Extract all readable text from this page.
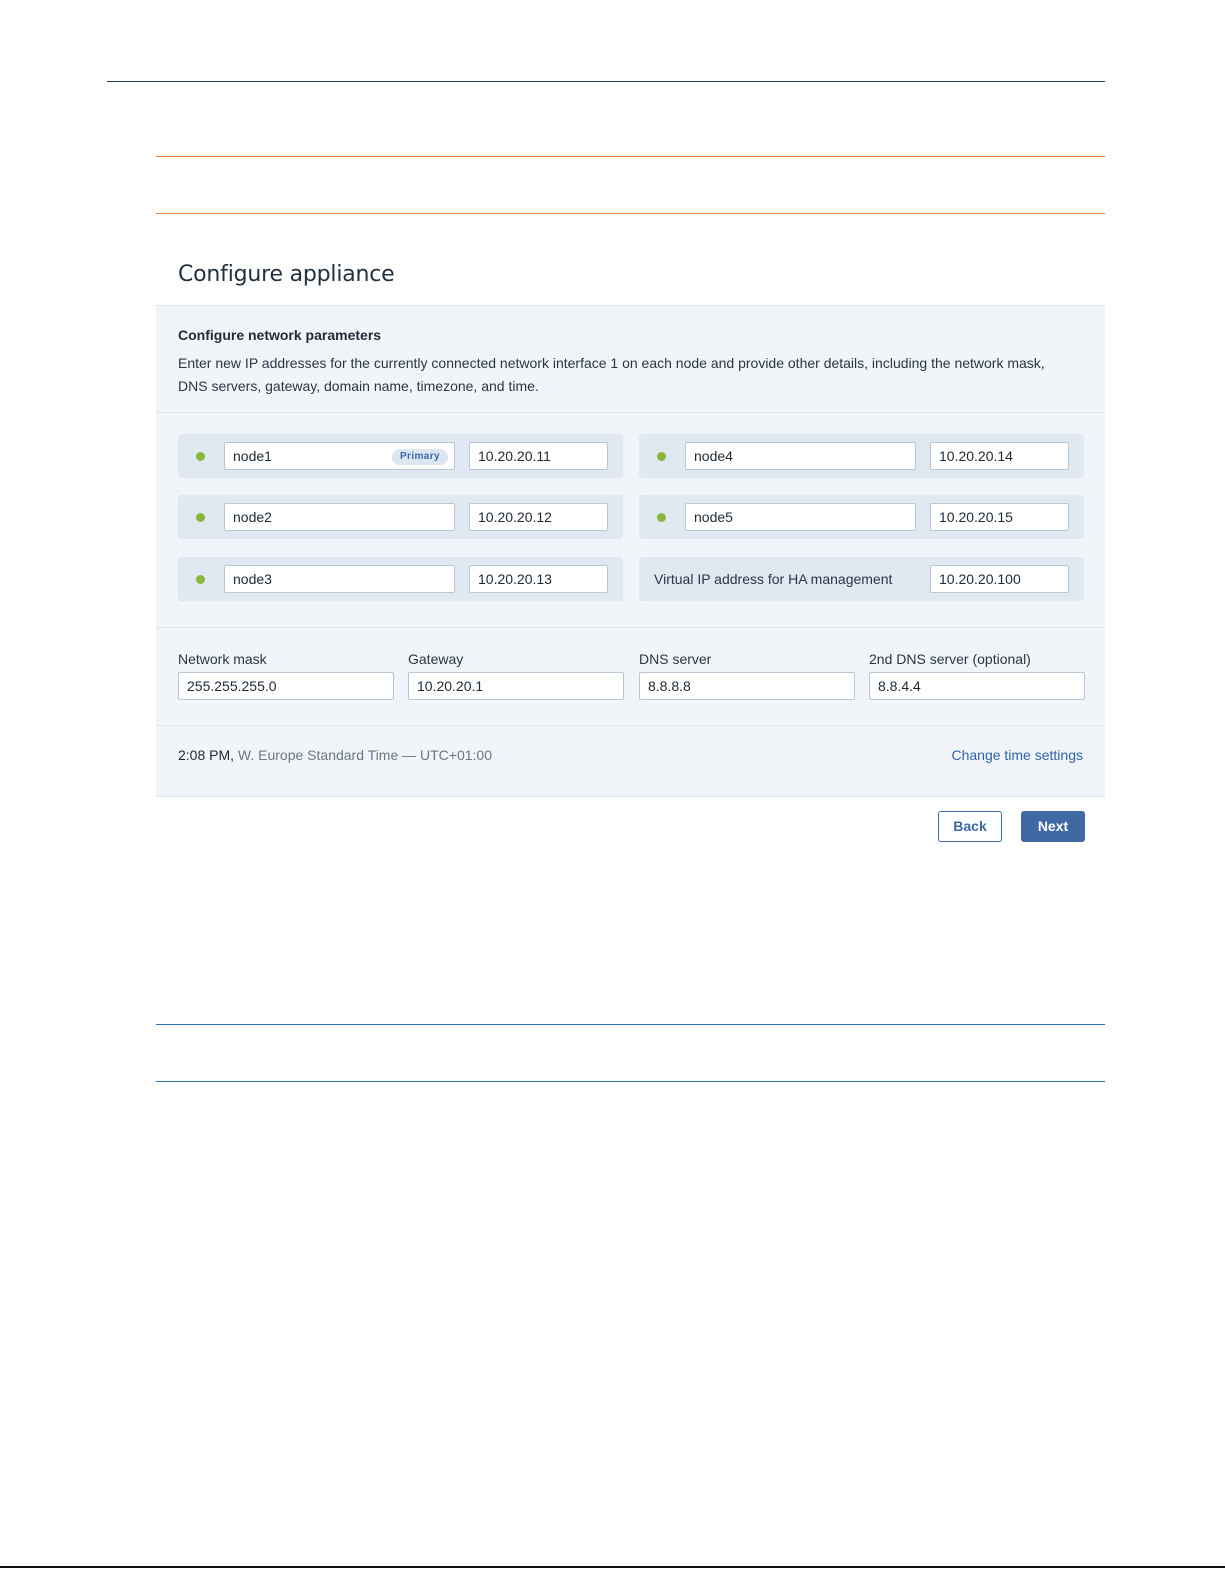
Configure appliance
Configure network parameters
Enter new IP addresses for the currently connected network interface 1 on each node and provide other details, including the network mask, DNS servers, gateway, domain name, timezone, and time.
node1	Primary	10.20.20.11
node2	10.20.20.12
node3	10.20.20.13
node4	10.20.20.14
node5	10.20.20.15
Virtual IP address for HA management	10.20.20.100
Network mask
255.255.255.0
Gateway
10.20.20.1
DNS server
8.8.8.8
2nd DNS server (optional)
8.8.4.4
2:08 PM, W. Europe Standard Time — UTC+01:00	Change time settings
Back	Next
